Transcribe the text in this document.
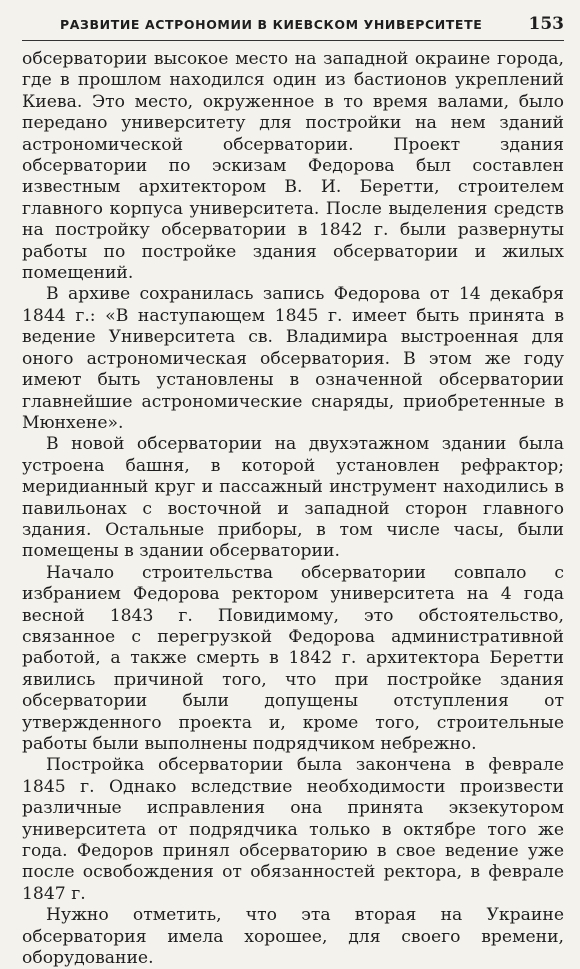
РАЗВИТИЕ АСТРОНОМИИ В КИЕВСКОМ УНИВЕРСИТЕТЕ	153

обсерватории высокое место на западной окраине города, где в прошлом находился один из бастионов укреплений Киева. Это место, окруженное в то время валами, было передано университету для постройки на нем зданий астрономической обсерватории. Проект здания обсерватории по эскизам Федорова был составлен известным архитектором В. И. Беретти, строителем главного корпуса университета. После выделения средств на постройку обсерватории в 1842 г. были развернуты работы по постройке здания обсерватории и жилых помещений.

В архиве сохранилась запись Федорова от 14 декабря 1844 г.: «В наступающем 1845 г. имеет быть принята в ведение Университета св. Владимира выстроенная для оного астрономическая обсерватория. В этом же году имеют быть установлены в означенной обсерватории главнейшие астрономические снаряды, приобретенные в Мюнхене».

В новой обсерватории на двухэтажном здании была устроена башня, в которой установлен рефрактор; меридианный круг и пассажный инструмент находились в павильонах с восточной и западной сторон главного здания. Остальные приборы, в том числе часы, были помещены в здании обсерватории.

Начало строительства обсерватории совпало с избранием Федорова ректором университета на 4 года весной 1843 г. Повидимому, это обстоятельство, связанное с перегрузкой Федорова административной работой, а также смерть в 1842 г. архитектора Беретти явились причиной того, что при постройке здания обсерватории были допущены отступления от утвержденного проекта и, кроме того, строительные работы были выполнены подрядчиком небрежно.

Постройка обсерватории была закончена в феврале 1845 г. Однако вследствие необходимости произвести различные исправления она принята экзекутором университета от подрядчика только в октябре того же года. Федоров принял обсерваторию в свое ведение уже после освобождения от обязанностей ректора, в феврале 1847 г.

Нужно отметить, что эта вторая на Украине обсерватория имела хорошее, для своего времени, оборудование.
